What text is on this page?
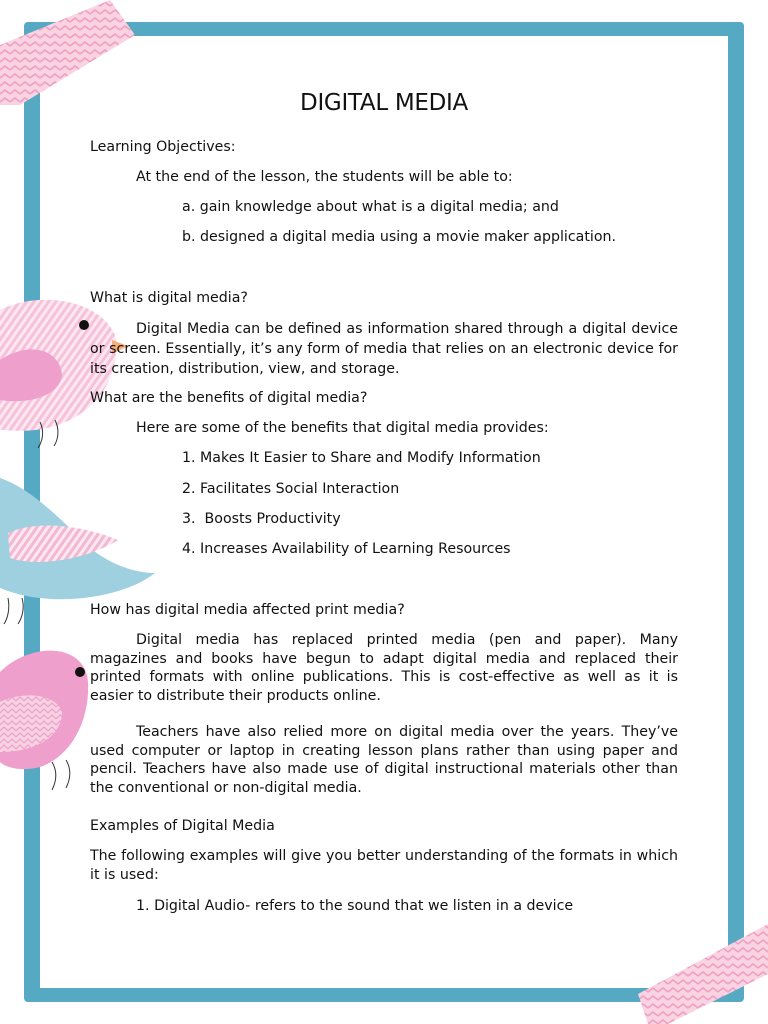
DIGITAL MEDIA
Learning Objectives:
At the end of the lesson, the students will be able to:
a. gain knowledge about what is a digital media; and
b. designed a digital media using a movie maker application.
What is digital media?
Digital Media can be defined as information shared through a digital device or screen. Essentially, it’s any form of media that relies on an electronic device for its creation, distribution, view, and storage.
What are the benefits of digital media?
Here are some of the benefits that digital media provides:
1. Makes It Easier to Share and Modify Information
2. Facilitates Social Interaction
3.  Boosts Productivity
4. Increases Availability of Learning Resources
How has digital media affected print media?
Digital media has replaced printed media (pen and paper). Many magazines and books have begun to adapt digital media and replaced their printed formats with online publications. This is cost-effective as well as it is easier to distribute their products online.
Teachers have also relied more on digital media over the years. They’ve used computer or laptop in creating lesson plans rather than using paper and pencil. Teachers have also made use of digital instructional materials other than the conventional or non-digital media.
Examples of Digital Media
The following examples will give you better understanding of the formats in which it is used:
1. Digital Audio- refers to the sound that we listen in a device
